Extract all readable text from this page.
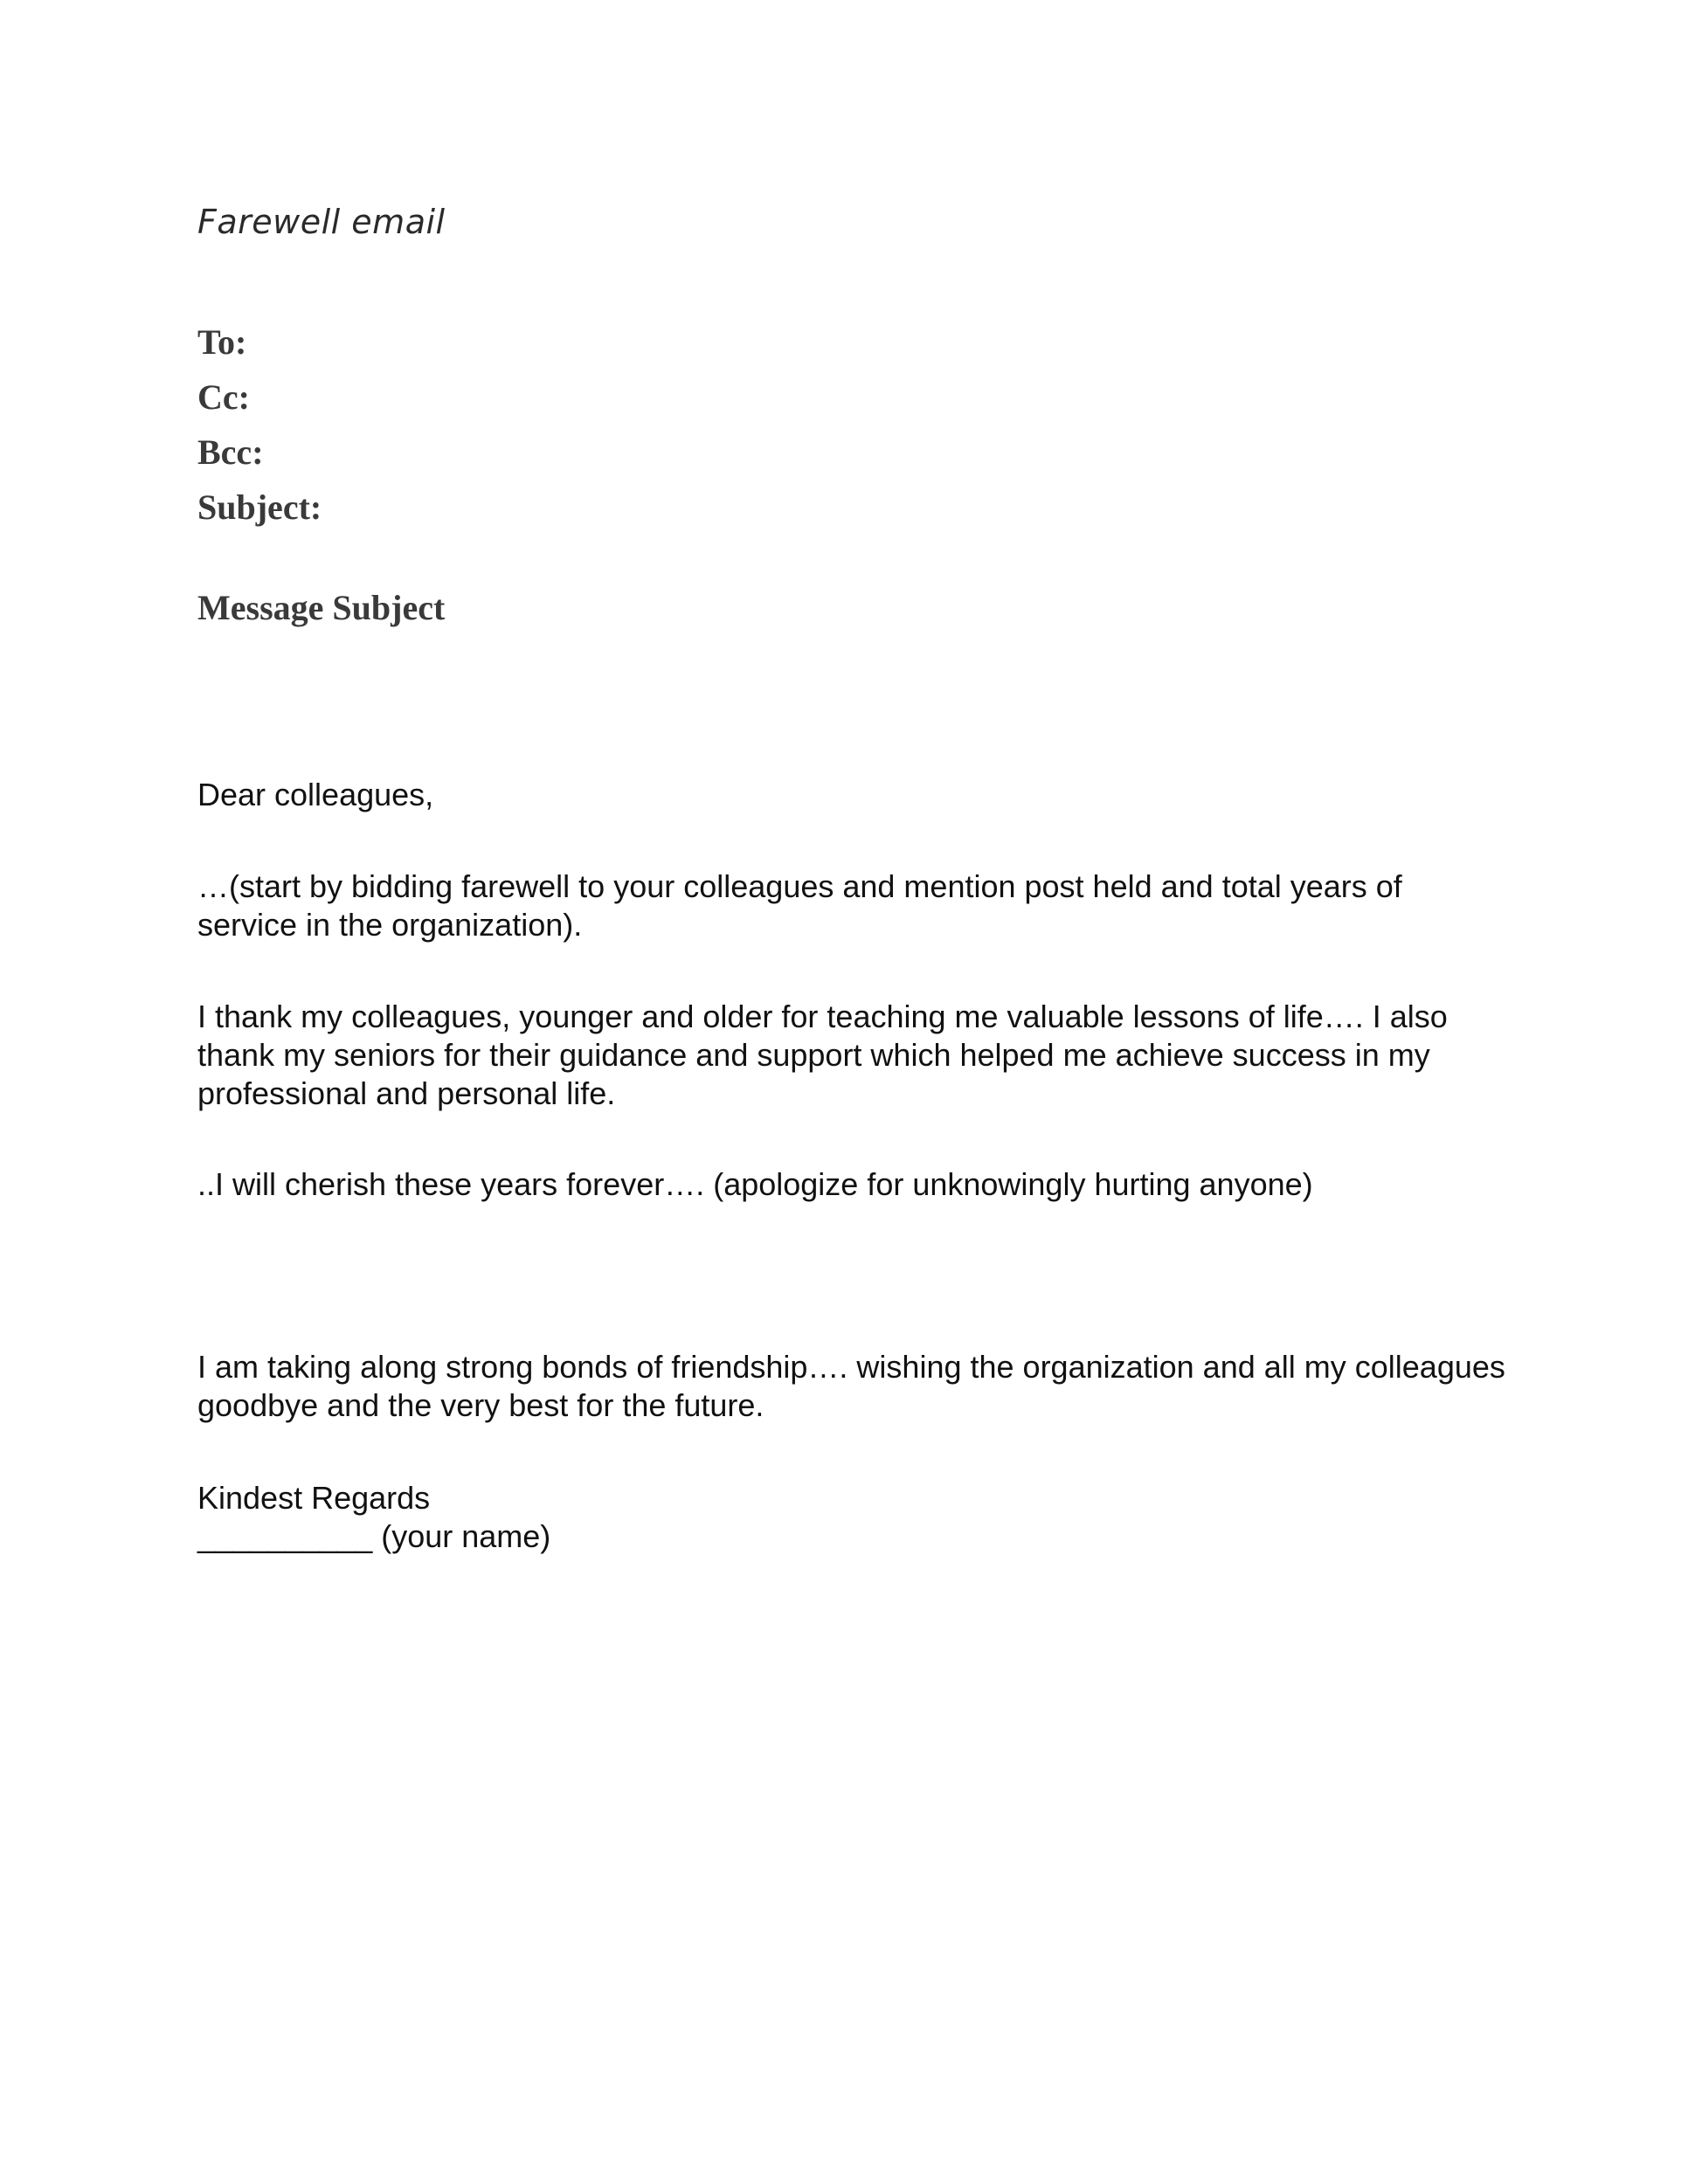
Farewell email
To:
Cc:
Bcc:
Subject:
Message Subject

Dear colleagues,

…(start by bidding farewell to your colleagues and mention post held and total years of service in the organization).

I thank my colleagues, younger and older for teaching me valuable lessons of life…. I also thank my seniors for their guidance and support which helped me achieve success in my professional and personal life.

..I will cherish these years forever…. (apologize for unknowingly hurting anyone)

I am taking along strong bonds of friendship…. wishing the organization and all my colleagues goodbye and the very best for the future.

Kindest Regards

__________ (your name)
